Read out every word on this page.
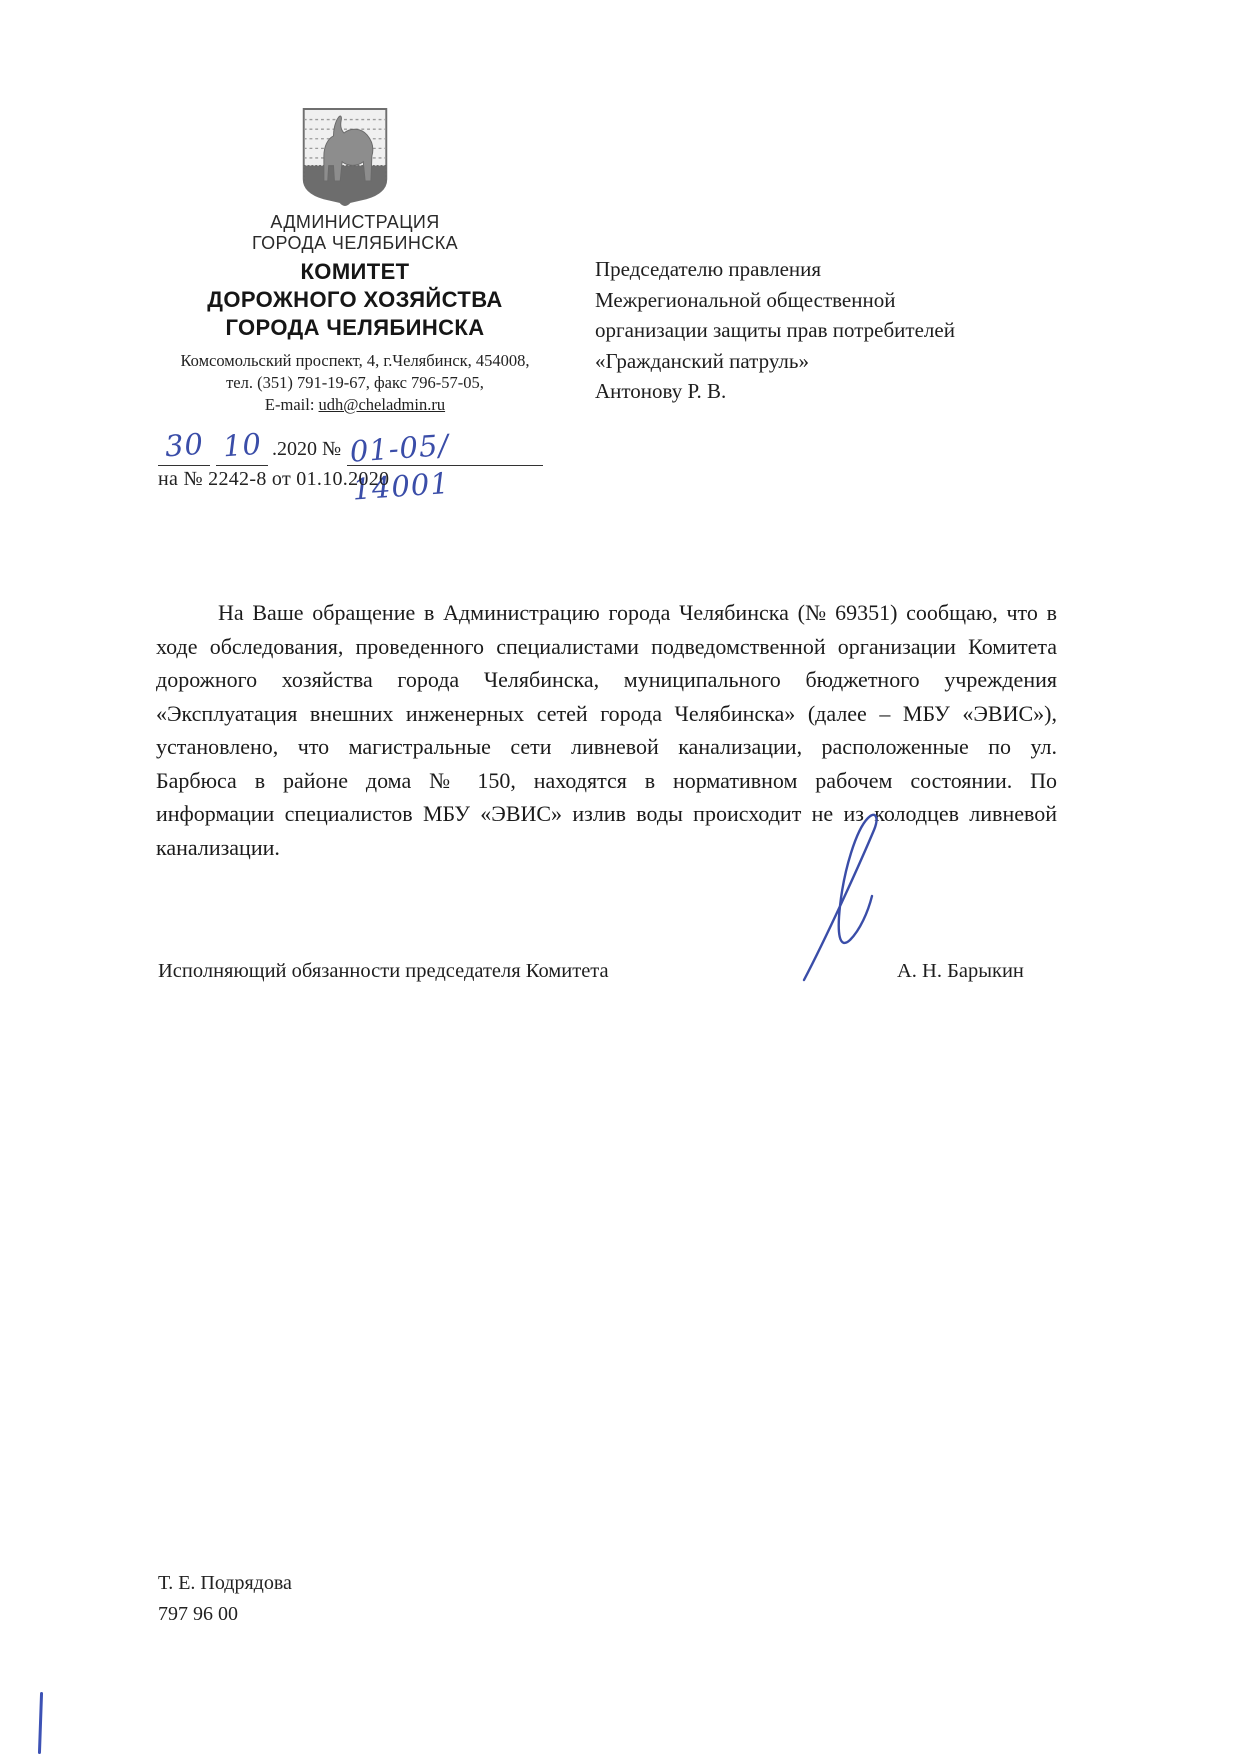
АДМИНИСТРАЦИЯ
ГОРОДА ЧЕЛЯБИНСКА
КОМИТЕТ
ДОРОЖНОГО ХОЗЯЙСТВА
ГОРОДА ЧЕЛЯБИНСКА
Комсомольский проспект, 4, г.Челябинск, 454008,
тел. (351) 791-19-67, факс 796-57-05,
E-mail: udh@cheladmin.ru
30 10 .2020 № 01-05/ 14001
на № 2242-8 от 01.10.2020
Председателю правления
Межрегиональной общественной
организации защиты прав потребителей
«Гражданский патруль»
Антонову Р. В.
На Ваше обращение в Администрацию города Челябинска (№ 69351) сообщаю, что в ходе обследования, проведенного специалистами подведомственной организации Комитета дорожного хозяйства города Челябинска, муниципального бюджетного учреждения «Эксплуатация внешних инженерных сетей города Челябинска» (далее – МБУ «ЭВИС»), установлено, что магистральные сети ливневой канализации, расположенные по ул. Барбюса в районе дома № 150, находятся в нормативном рабочем состоянии. По информации специалистов МБУ «ЭВИС» излив воды происходит не из колодцев ливневой канализации.
Исполняющий обязанности председателя Комитета	А. Н. Барыкин
Т. Е. Подрядова
797 96 00
